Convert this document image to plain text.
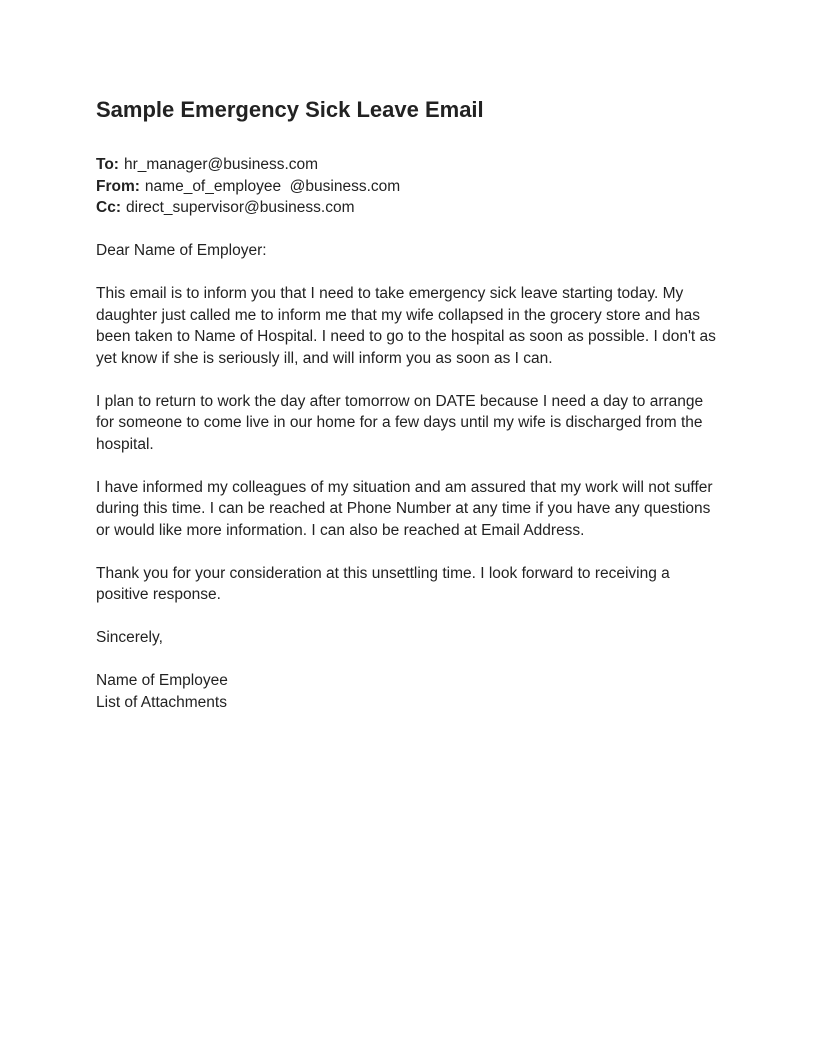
Sample Emergency Sick Leave Email
To: hr_manager@business.com
From: name_of_employee  @business.com
Cc: direct_supervisor@business.com

Dear Name of Employer:

This email is to inform you that I need to take emergency sick leave starting today. My daughter just called me to inform me that my wife collapsed in the grocery store and has been taken to Name of Hospital. I need to go to the hospital as soon as possible. I don't as yet know if she is seriously ill, and will inform you as soon as I can.

I plan to return to work the day after tomorrow on DATE because I need a day to arrange for someone to come live in our home for a few days until my wife is discharged from the hospital.

I have informed my colleagues of my situation and am assured that my work will not suffer during this time. I can be reached at Phone Number at any time if you have any questions or would like more information. I can also be reached at Email Address.

Thank you for your consideration at this unsettling time. I look forward to receiving a positive response.

Sincerely,

Name of Employee
List of Attachments
